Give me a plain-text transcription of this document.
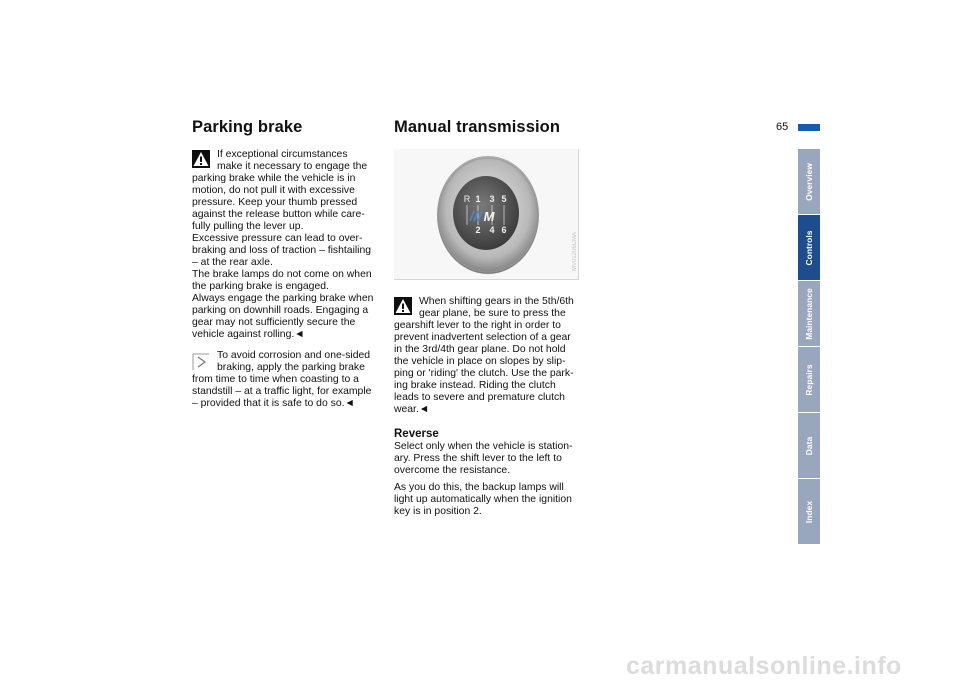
Parking brake	Manual transmission	65

If exceptional circumstances
make it necessary to engage the
parking brake while the vehicle is in
motion, do not pull it with excessive
pressure. Keep your thumb pressed
against the release button while care-
fully pulling the lever up.
Excessive pressure can lead to over-
braking and loss of traction – fishtailing
– at the rear axle.
The brake lamps do not come on when
the parking brake is engaged.
Always engage the parking brake when
parking on downhill roads. Engaging a
gear may not sufficiently secure the
vehicle against rolling.◄
To avoid corrosion and one-sided
braking, apply the parking brake
from time to time when coasting to a
standstill – at a traffic light, for example
– provided that it is safe to do so.◄
R 1 3 5
2 4 6
M
MV01206CMA
When shifting gears in the 5th/6th
gear plane, be sure to press the
gearshift lever to the right in order to
prevent inadvertent selection of a gear
in the 3rd/4th gear plane. Do not hold
the vehicle in place on slopes by slip-
ping or 'riding' the clutch. Use the park-
ing brake instead. Riding the clutch
leads to severe and premature clutch
wear.◄
Reverse
Select only when the vehicle is station-
ary. Press the shift lever to the left to
overcome the resistance.
As you do this, the backup lamps will
light up automatically when the ignition
key is in position 2.
Overview
Controls
Maintenance
Repairs
Data
Index

carmanualsonline.info
